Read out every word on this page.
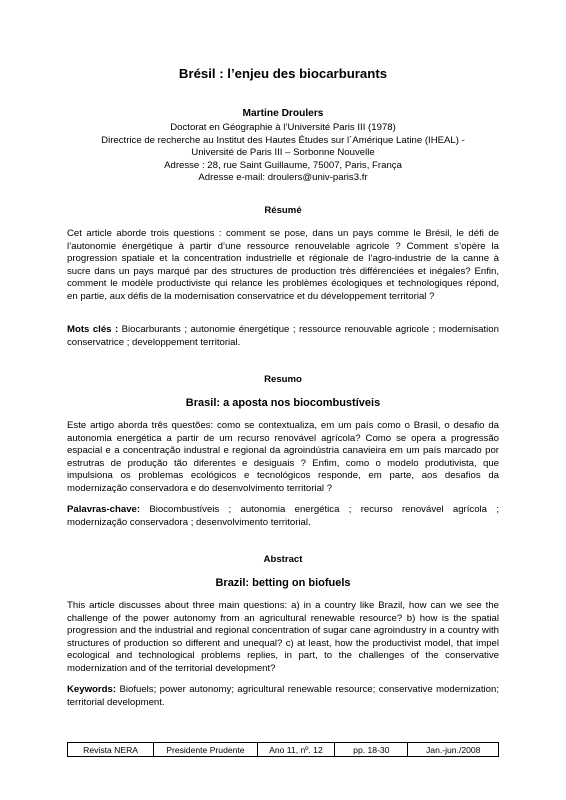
Brésil : l’enjeu des biocarburants
Martine Droulers
Doctorat en Géographie à l’Université Paris III (1978)
Directrice de recherche au Institut des Hautes Études sur l´Amérique Latine (IHEAL) -
Université de Paris III – Sorbonne Nouvelle
Adresse : 28, rue Saint Guillaume, 75007, Paris, França
Adresse e-mail: droulers@univ-paris3.fr
Résumé
Cet article aborde trois questions : comment se pose, dans un pays comme le Brésil, le défi de l’autonomie énergétique à partir d’une ressource renouvelable agricole ? Comment s’opère la progression spatiale et la concentration industrielle et régionale de l’agro-industrie de la canne à sucre dans un pays marqué par des structures de production très différenciées et inégales? Enfin, comment le modèle productiviste qui relance les problèmes écologiques et technologiques répond, en partie, aux défis de la modernisation conservatrice et du développement territorial ?
Mots clés : Biocarburants ; autonomie énergétique ; ressource renouvable agricole ; modernisation conservatrice ; developpement territorial.
Resumo
Brasil: a aposta nos biocombustíveis
Este artigo aborda três questões: como se contextualiza, em um país como o Brasil, o desafio da autonomia energética a partir de um recurso renovável agrícola? Como se opera a progressão espacial e a concentração industral e regional da agroindústria canavieira em um país marcado por estrutras de produção tão diferentes e desiguais ? Enfim, como o modelo produtivista, que impulsiona os problemas ecológicos e tecnológicos responde, em parte, aos desafios da modernização conservadora e do desenvolvimento territorial ?
Palavras-chave: Biocombustíveis ; autonomia energética ; recurso renovável agrícola ; modernização conservadora ; desenvolvimento territorial.
Abstract
Brazil: betting on biofuels
This article discusses about three main questions: a) in a country like Brazil, how can we see the challenge of the power autonomy from an agricultural renewable resource? b) how is the spatial progression and the industrial and regional concentration of sugar cane agroindustry in a country with structures of production so different and unequal? c) at least, how the productivist model, that impel ecological and technological problems replies, in part, to the challenges of the conservative modernization and of the territorial development?
Keywords: Biofuels; power autonomy; agricultural renewable resource; conservative modernization; territorial development.
Revista NERA	Presidente Prudente	Ano 11, nº. 12	pp. 18-30	Jan.-jun./2008
